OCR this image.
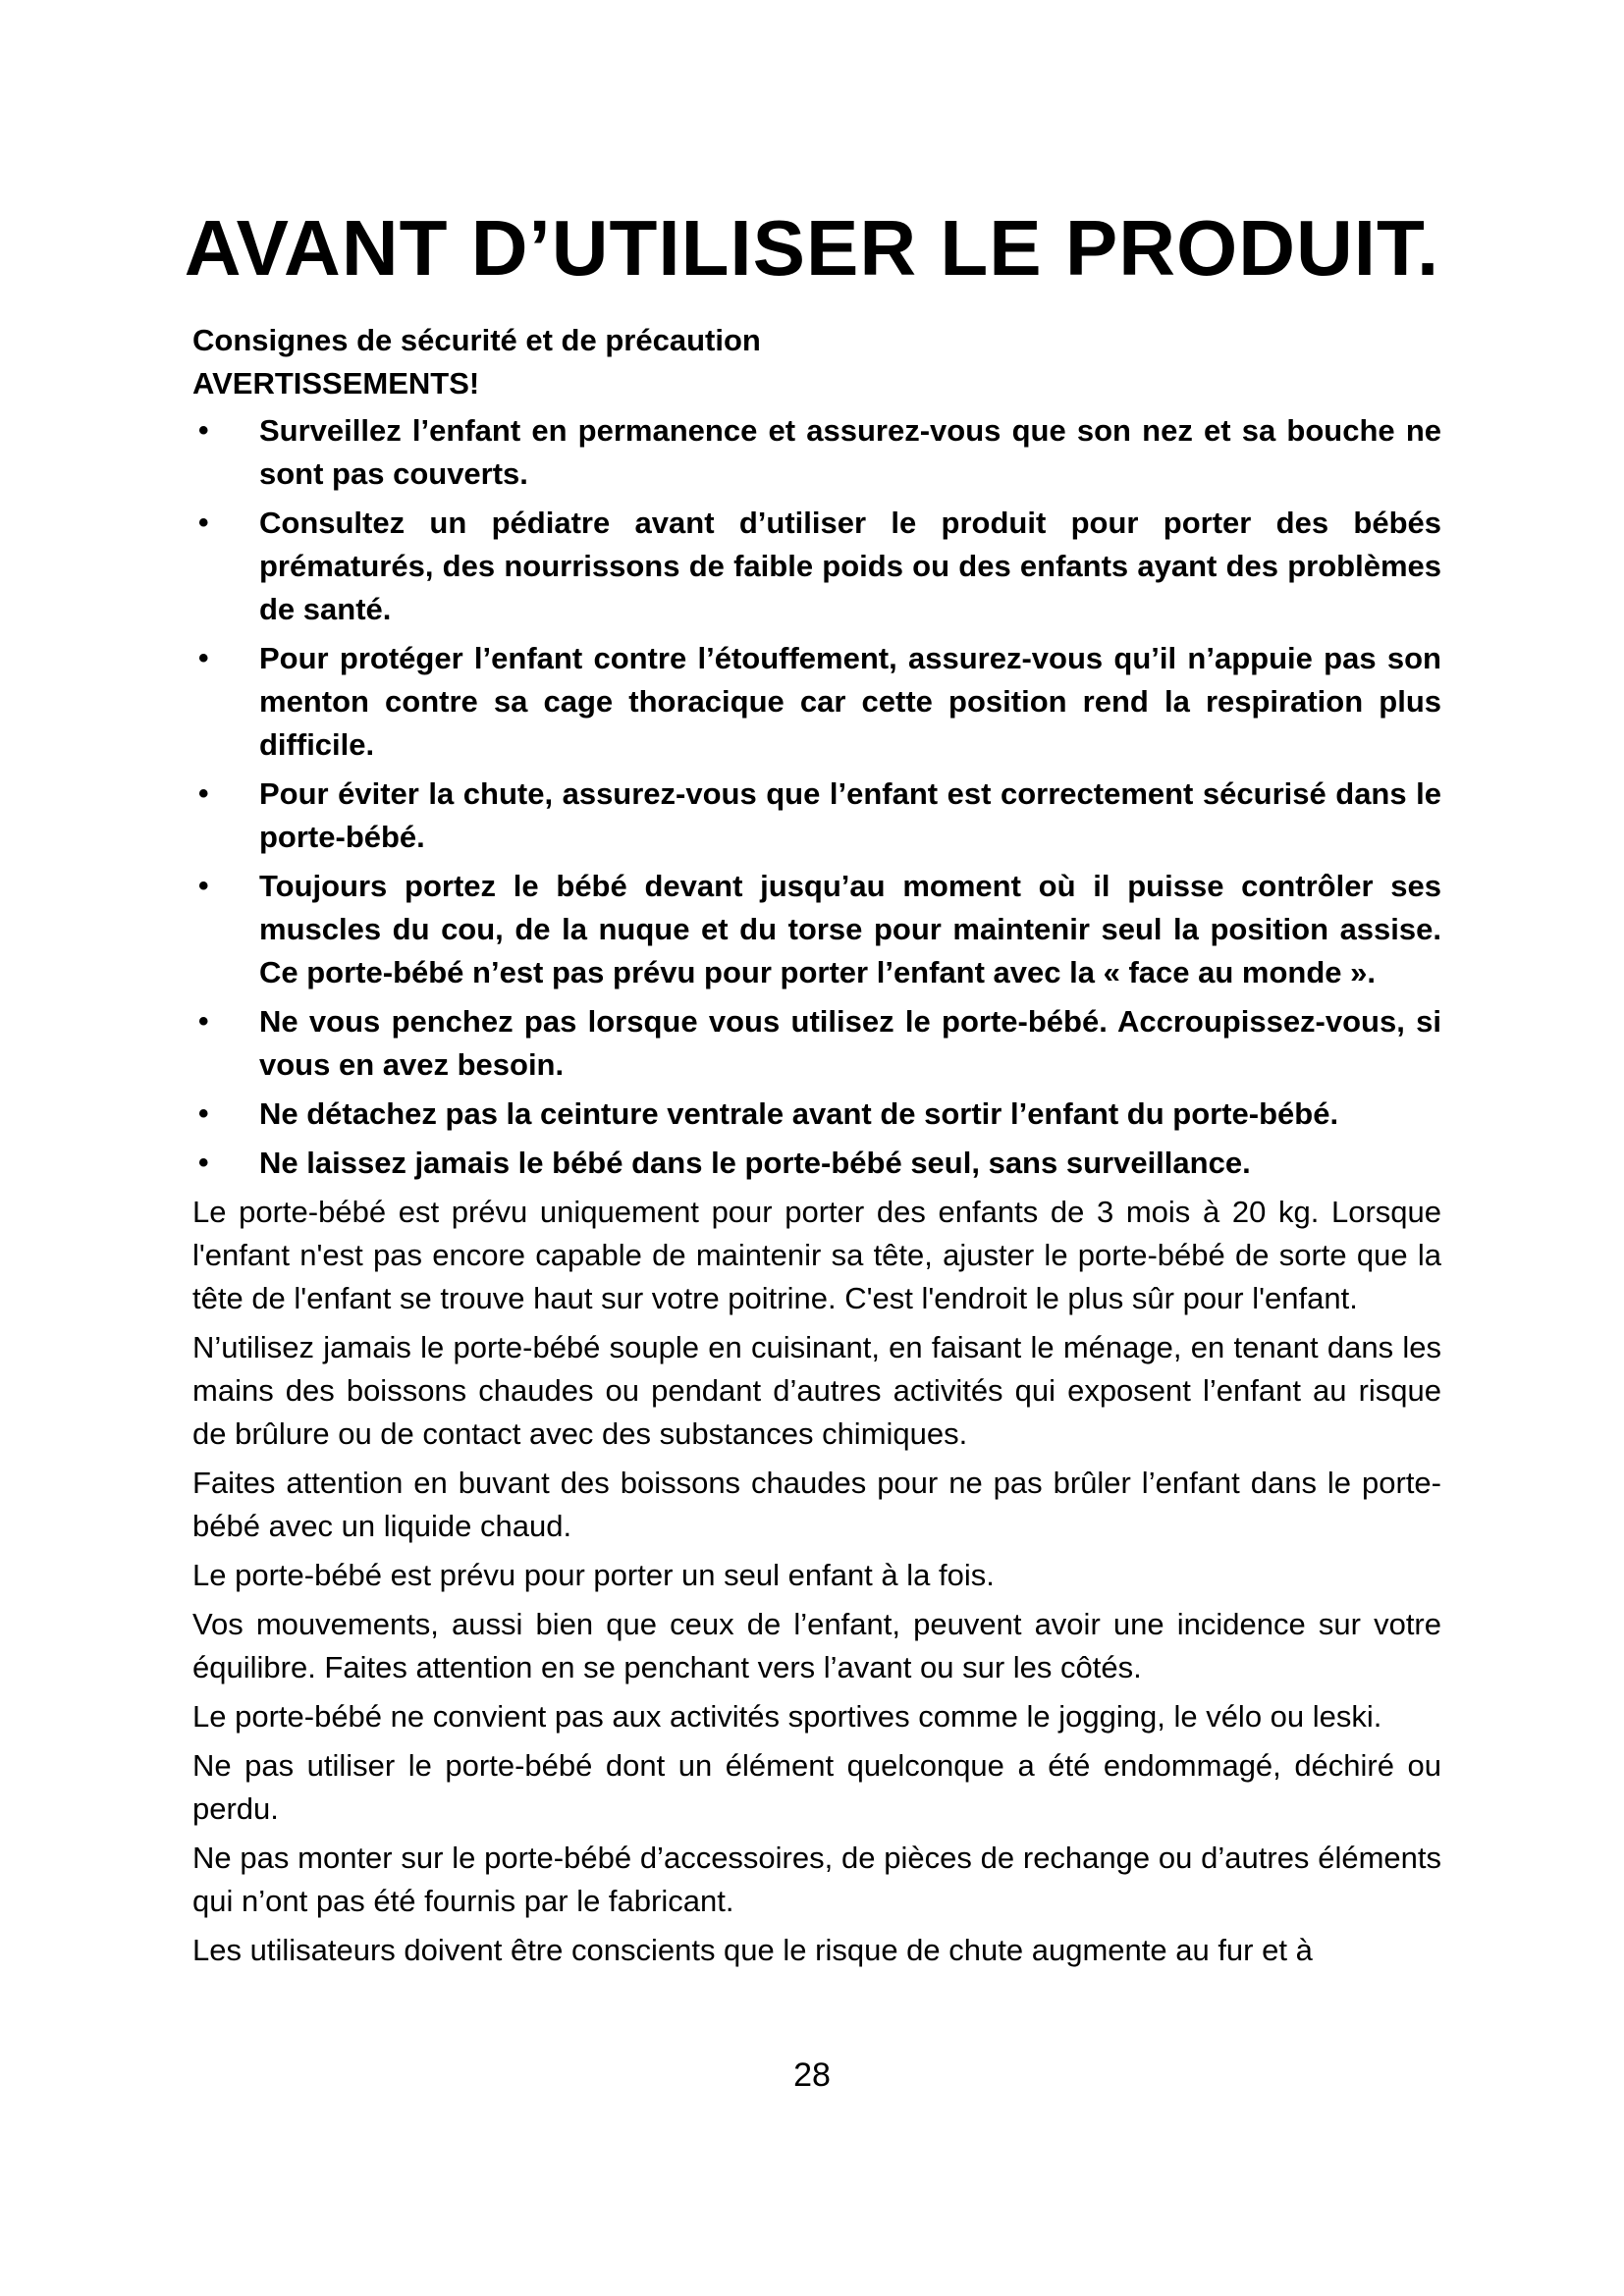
AVANT D’UTILISER LE PRODUIT.

Consignes de sécurité et de précaution

AVERTISSEMENTS!

• Surveillez l’enfant en permanence et assurez-vous que son nez et sa bouche ne sont pas couverts.
• Consultez un pédiatre avant d’utiliser le produit pour porter des bébés prématurés, des nourrissons de faible poids ou des enfants ayant des problèmes de santé.
• Pour protéger l’enfant contre l’étouffement, assurez-vous qu’il n’appuie pas son menton contre sa cage thoracique car cette position rend la respiration plus difficile.
• Pour éviter la chute, assurez-vous que l’enfant est correctement sécurisé dans le porte-bébé.
• Toujours portez le bébé devant jusqu’au moment où il puisse contrôler ses muscles du cou, de la nuque et du torse pour maintenir seul la position assise. Ce porte-bébé n’est pas prévu pour porter l’enfant avec la « face au monde ».
• Ne vous penchez pas lorsque vous utilisez le porte-bébé. Accroupissez-vous, si vous en avez besoin.
• Ne détachez pas la ceinture ventrale avant de sortir l’enfant du porte-bébé.
• Ne laissez jamais le bébé dans le porte-bébé seul, sans surveillance.

Le porte-bébé est prévu uniquement pour porter des enfants de 3 mois à 20 kg. Lorsque l'enfant n'est pas encore capable de maintenir sa tête, ajuster le porte-bébé de sorte que la tête de l'enfant se trouve haut sur votre poitrine. C'est l'endroit le plus sûr pour l'enfant.

N’utilisez jamais le porte-bébé souple en cuisinant, en faisant le ménage, en tenant dans les mains des boissons chaudes ou pendant d’autres activités qui exposent l’enfant au risque de brûlure ou de contact avec des substances chimiques.

Faites attention en buvant des boissons chaudes pour ne pas brûler l’enfant dans le porte-bébé avec un liquide chaud.

Le porte-bébé est prévu pour porter un seul enfant à la fois.

Vos mouvements, aussi bien que ceux de l’enfant, peuvent avoir une incidence sur votre équilibre. Faites attention en se penchant vers l’avant ou sur les côtés.

Le porte-bébé ne convient pas aux activités sportives comme le jogging, le vélo ou leski.

Ne pas utiliser le porte-bébé dont un élément quelconque a été endommagé, déchiré ou perdu.

Ne pas monter sur le porte-bébé d’accessoires, de pièces de rechange ou d’autres éléments qui n’ont pas été fournis par le fabricant.

Les utilisateurs doivent être conscients que le risque de chute augmente au fur et à

28
